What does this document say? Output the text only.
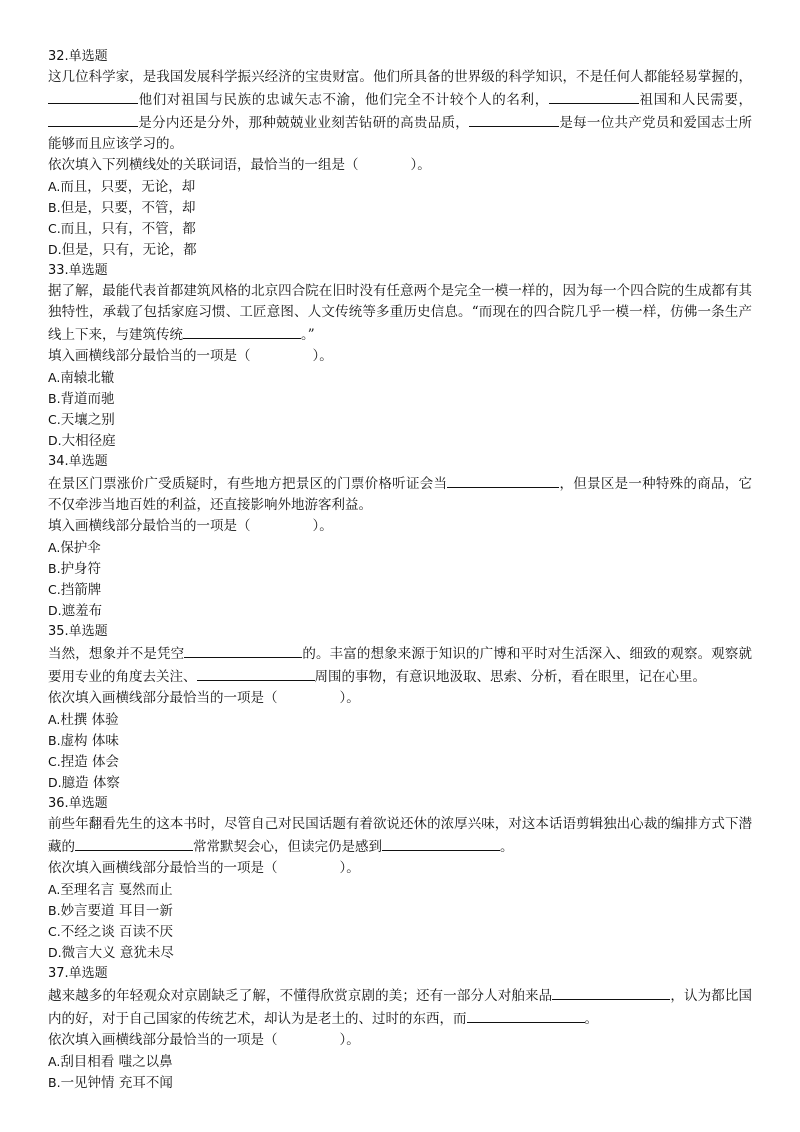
32.单选题
这几位科学家，是我国发展科学振兴经济的宝贵财富。他们所具备的世界级的科学知识，不是任何人都能轻易掌握的，他们对祖国与民族的忠诚矢志不渝，他们完全不计较个人的名利，	祖国和人民需要，是分内还是分外，那种兢兢业业刻苦钻研的高贵品质，	是每一位共产党员和爱国志士所能够而且应该学习的。
依次填入下列横线处的关联词语，最恰当的一组是（	）。
A.而且，只要，无论，却
B.但是，只要，不管，却
C.而且，只有，不管，都
D.但是，只有，无论，都
33.单选题
据了解，最能代表首都建筑风格的北京四合院在旧时没有任意两个是完全一模一样的，因为每一个四合院的生成都有其独特性，承载了包括家庭习惯、工匠意图、人文传统等多重历史信息。“而现在的四合院几乎一模一样，仿佛一条生产线上下来，与建筑传统	。”
填入画横线部分最恰当的一项是（	）。
A.南辕北辙
B.背道而驰
C.天壤之别
D.大相径庭
34.单选题
在景区门票涨价广受质疑时，有些地方把景区的门票价格听证会当	，但景区是一种特殊的商品，它不仅牵涉当地百姓的利益，还直接影响外地游客利益。
填入画横线部分最恰当的一项是（	）。
A.保护伞
B.护身符
C.挡箭牌
D.遮羞布
35.单选题
当然，想象并不是凭空	的。丰富的想象来源于知识的广博和平时对生活深入、细致的观察。观察就要用专业的角度去关注、	周围的事物，有意识地汲取、思索、分析，看在眼里，记在心里。
依次填入画横线部分最恰当的一项是（	）。
A.杜撰 体验
B.虚构 体味
C.捏造 体会
D.臆造 体察
36.单选题
前些年翻看先生的这本书时，尽管自己对民国话题有着欲说还休的浓厚兴味，对这本话语剪辑独出心裁的编排方式下潜藏的	常常默契会心，但读完仍是感到	。
依次填入画横线部分最恰当的一项是（	）。
A.至理名言 戛然而止
B.妙言要道 耳目一新
C.不经之谈 百读不厌
D.微言大义 意犹未尽
37.单选题
越来越多的年轻观众对京剧缺乏了解，不懂得欣赏京剧的美；还有一部分人对舶来品	，认为都比国内的好，对于自己国家的传统艺术，却认为是老土的、过时的东西，而	。
依次填入画横线部分最恰当的一项是（	）。
A.刮目相看 嗤之以鼻
B.一见钟情 充耳不闻
